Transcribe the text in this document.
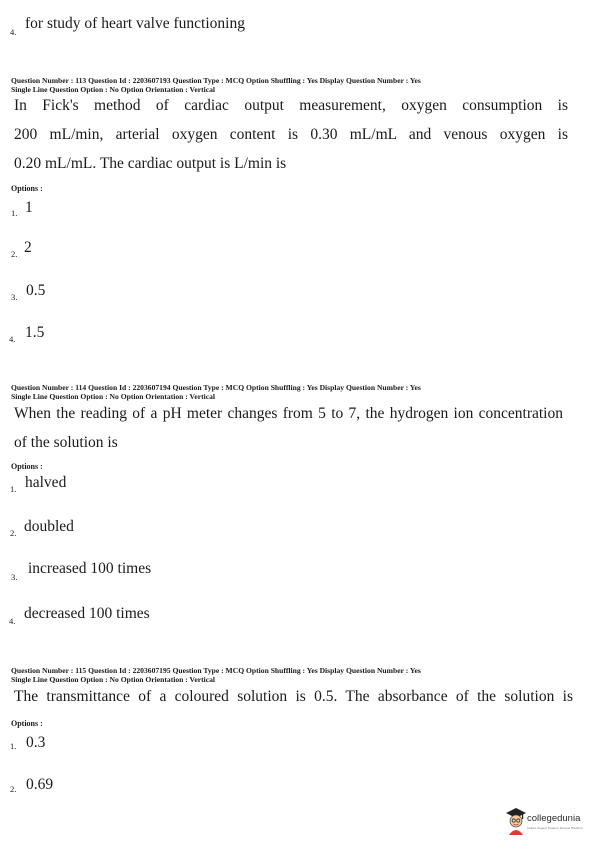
4. for study of heart valve functioning
Question Number : 113 Question Id : 2203607193 Question Type : MCQ Option Shuffling : Yes Display Question Number : Yes
Single Line Question Option : No Option Orientation : Vertical
In Fick's method of cardiac output measurement, oxygen consumption is
200 mL/min, arterial oxygen content is 0.30 mL/mL and venous oxygen is
0.20 mL/mL. The cardiac output is L/min is
Options :
1. 1
2. 2
3. 0.5
4. 1.5
Question Number : 114 Question Id : 2203607194 Question Type : MCQ Option Shuffling : Yes Display Question Number : Yes
Single Line Question Option : No Option Orientation : Vertical
When the reading of a pH meter changes from 5 to 7, the hydrogen ion concentration
of the solution is
Options :
1. halved
2. doubled
3. increased 100 times
4. decreased 100 times
Question Number : 115 Question Id : 2203607195 Question Type : MCQ Option Shuffling : Yes Display Question Number : Yes
Single Line Question Option : No Option Orientation : Vertical
The transmittance of a coloured solution is 0.5. The absorbance of the solution is
Options :
1. 0.3
2. 0.69
collegedunia
India's largest Student Review Platform
